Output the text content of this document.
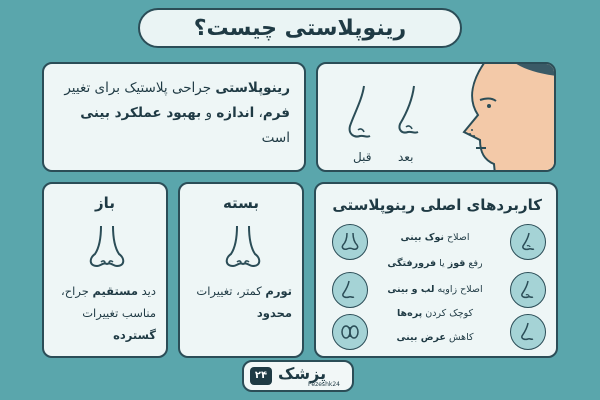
رینوپلاستی چیست؟
رینوپلاستی جراحی پلاستیک برای تغییر فرم، اندازه و بهبود عملکرد بینی است
قبل بعد
باز
دید مستقیم جراح، مناسب تغییرات گسترده
بسته
تورم کمتر، تغییرات محدود
کاربردهای اصلی رینوپلاستی
اصلاح نوک بینی
رفع قوز یا فرورفتگی
اصلاح زاویه لب و بینی
کوچک کردن پره‌ها
کاهش عرض بینی
۲۴ پزشک
Pezeshk24
